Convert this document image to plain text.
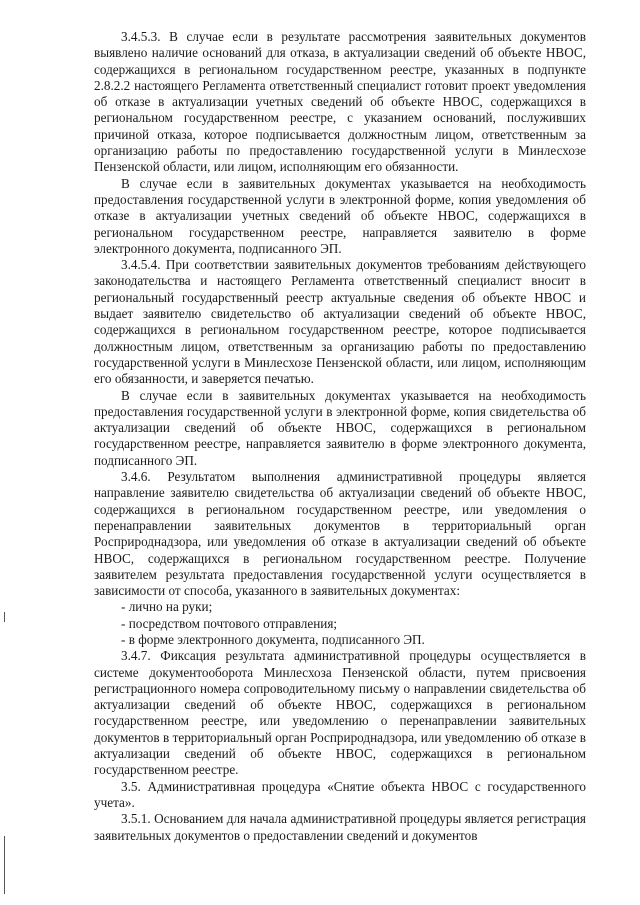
3.4.5.3. В случае если в результате рассмотрения заявительных документов выявлено наличие оснований для отказа, в актуализации сведений об объекте НВОС, содержащихся в региональном государственном реестре, указанных в подпункте 2.8.2.2 настоящего Регламента ответственный специалист готовит проект уведомления об отказе в актуализации учетных сведений об объекте НВОС, содержащихся в региональном государственном реестре, с указанием оснований, послуживших причиной отказа, которое подписывается должностным лицом, ответственным за организацию работы по предоставлению государственной услуги в Минлесхозе Пензенской области, или лицом, исполняющим его обязанности.

В случае если в заявительных документах указывается на необходимость предоставления государственной услуги в электронной форме, копия уведомления об отказе в актуализации учетных сведений об объекте НВОС, содержащихся в региональном государственном реестре, направляется заявителю в форме электронного документа, подписанного ЭП.

3.4.5.4. При соответствии заявительных документов требованиям действующего законодательства и настоящего Регламента ответственный специалист вносит в региональный государственный реестр актуальные сведения об объекте НВОС и выдает заявителю свидетельство об актуализации сведений об объекте НВОС, содержащихся в региональном государственном реестре, которое подписывается должностным лицом, ответственным за организацию работы по предоставлению государственной услуги в Минлесхозе Пензенской области, или лицом, исполняющим его обязанности, и заверяется печатью.

В случае если в заявительных документах указывается на необходимость предоставления государственной услуги в электронной форме, копия свидетельства об актуализации сведений об объекте НВОС, содержащихся в региональном государственном реестре, направляется заявителю в форме электронного документа, подписанного ЭП.

3.4.6. Результатом выполнения административной процедуры является направление заявителю свидетельства об актуализации сведений об объекте НВОС, содержащихся в региональном государственном реестре, или уведомления о перенаправлении заявительных документов в территориальный орган Росприроднадзора, или уведомления об отказе в актуализации сведений об объекте НВОС, содержащихся в региональном государственном реестре. Получение заявителем результата предоставления государственной услуги осуществляется в зависимости от способа, указанного в заявительных документах:

- лично на руки;

- посредством почтового отправления;

- в форме электронного документа, подписанного ЭП.

3.4.7. Фиксация результата административной процедуры осуществляется в системе документооборота Минлесхоза Пензенской области, путем присвоения регистрационного номера сопроводительному письму о направлении свидетельства об актуализации сведений об объекте НВОС, содержащихся в региональном государственном реестре, или уведомлению о перенаправлении заявительных документов в территориальный орган Росприроднадзора, или уведомлению об отказе в актуализации сведений об объекте НВОС, содержащихся в региональном государственном реестре.

3.5. Административная процедура «Снятие объекта НВОС с государственного учета».

3.5.1. Основанием для начала административной процедуры является регистрация заявительных документов о предоставлении сведений и документов
